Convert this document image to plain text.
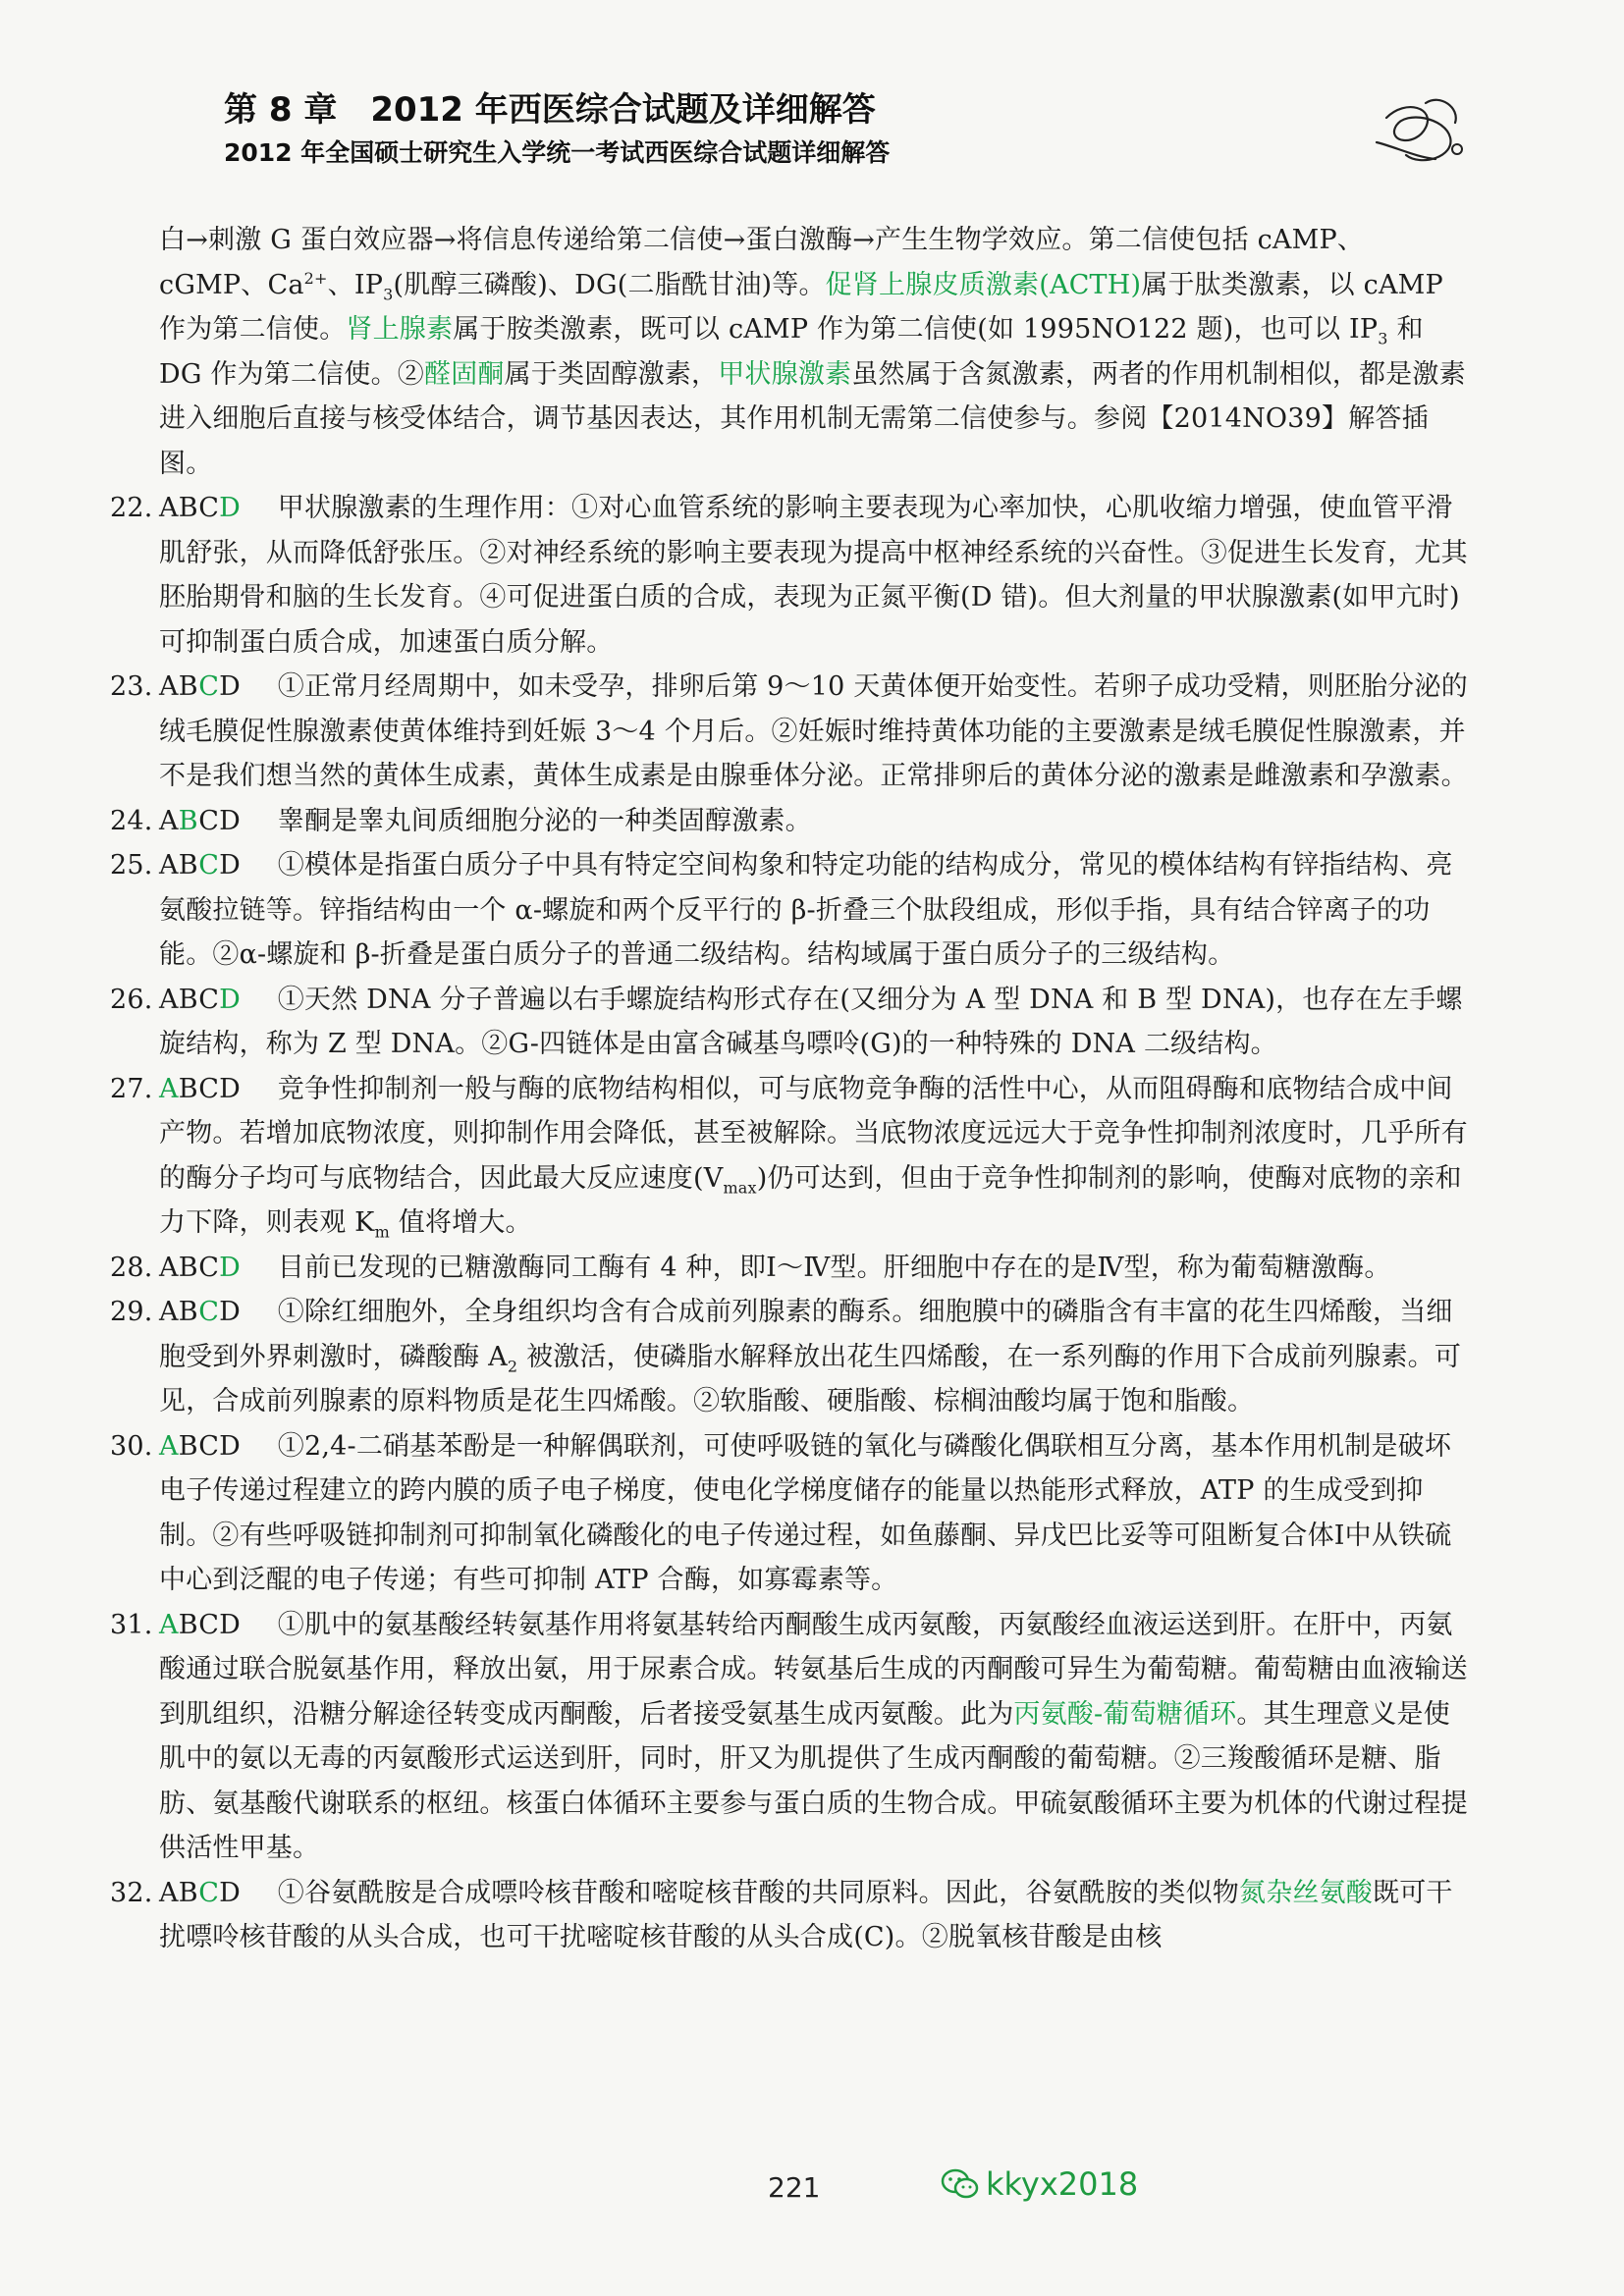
第 8 章　2012 年西医综合试题及详细解答
2012 年全国硕士研究生入学统一考试西医综合试题详细解答

白→刺激 G 蛋白效应器→将信息传递给第二信使→蛋白激酶→产生生物学效应。第二信使包括 cAMP、cGMP、$Ca^{2+}$、$IP_3$(肌醇三磷酸)、DG(二脂酰甘油)等。促肾上腺皮质激素(ACTH)属于肽类激素，以 cAMP 作为第二信使。肾上腺素属于胺类激素，既可以 cAMP 作为第二信使(如 1995NO122 题)，也可以 $IP_3$ 和 DG 作为第二信使。②醛固酮属于类固醇激素，甲状腺激素虽然属于含氮激素，两者的作用机制相似，都是激素进入细胞后直接与核受体结合，调节基因表达，其作用机制无需第二信使参与。参阅【2014NO39】解答插图。

22. ABCD 甲状腺激素的生理作用：①对心血管系统的影响主要表现为心率加快，心肌收缩力增强，使血管平滑肌舒张，从而降低舒张压。②对神经系统的影响主要表现为提高中枢神经系统的兴奋性。③促进生长发育，尤其胚胎期骨和脑的生长发育。④可促进蛋白质的合成，表现为正氮平衡(D 错)。但大剂量的甲状腺激素(如甲亢时)可抑制蛋白质合成，加速蛋白质分解。

23. ABCD ①正常月经周期中，如未受孕，排卵后第 9～10 天黄体便开始变性。若卵子成功受精，则胚胎分泌的绒毛膜促性腺激素使黄体维持到妊娠 3～4 个月后。②妊娠时维持黄体功能的主要激素是绒毛膜促性腺激素，并不是我们想当然的黄体生成素，黄体生成素是由腺垂体分泌。正常排卵后的黄体分泌的激素是雌激素和孕激素。

24. ABCD 睾酮是睾丸间质细胞分泌的一种类固醇激素。

25. ABCD ①模体是指蛋白质分子中具有特定空间构象和特定功能的结构成分，常见的模体结构有锌指结构、亮氨酸拉链等。锌指结构由一个 α-螺旋和两个反平行的 β-折叠三个肽段组成，形似手指，具有结合锌离子的功能。②α-螺旋和 β-折叠是蛋白质分子的普通二级结构。结构域属于蛋白质分子的三级结构。

26. ABCD ①天然 DNA 分子普遍以右手螺旋结构形式存在(又细分为 A 型 DNA 和 B 型 DNA)，也存在左手螺旋结构，称为 Z 型 DNA。②G-四链体是由富含碱基鸟嘌呤(G)的一种特殊的 DNA 二级结构。

27. ABCD 竞争性抑制剂一般与酶的底物结构相似，可与底物竞争酶的活性中心，从而阻碍酶和底物结合成中间产物。若增加底物浓度，则抑制作用会降低，甚至被解除。当底物浓度远远大于竞争性抑制剂浓度时，几乎所有的酶分子均可与底物结合，因此最大反应速度$(V_{max})$仍可达到，但由于竞争性抑制剂的影响，使酶对底物的亲和力下降，则表观 $K_m$ 值将增大。

28. ABCD 目前已发现的已糖激酶同工酶有 4 种，即Ⅰ～Ⅳ型。肝细胞中存在的是Ⅳ型，称为葡萄糖激酶。

29. ABCD ①除红细胞外，全身组织均含有合成前列腺素的酶系。细胞膜中的磷脂含有丰富的花生四烯酸，当细胞受到外界刺激时，磷酸酶 $A_2$ 被激活，使磷脂水解释放出花生四烯酸，在一系列酶的作用下合成前列腺素。可见，合成前列腺素的原料物质是花生四烯酸。②软脂酸、硬脂酸、棕榈油酸均属于饱和脂酸。

30. ABCD ①2,4-二硝基苯酚是一种解偶联剂，可使呼吸链的氧化与磷酸化偶联相互分离，基本作用机制是破坏电子传递过程建立的跨内膜的质子电子梯度，使电化学梯度储存的能量以热能形式释放，ATP 的生成受到抑制。②有些呼吸链抑制剂可抑制氧化磷酸化的电子传递过程，如鱼藤酮、异戊巴比妥等可阻断复合体Ⅰ中从铁硫中心到泛醌的电子传递；有些可抑制 ATP 合酶，如寡霉素等。

31. ABCD ①肌中的氨基酸经转氨基作用将氨基转给丙酮酸生成丙氨酸，丙氨酸经血液运送到肝。在肝中，丙氨酸通过联合脱氨基作用，释放出氨，用于尿素合成。转氨基后生成的丙酮酸可异生为葡萄糖。葡萄糖由血液输送到肌组织，沿糖分解途径转变成丙酮酸，后者接受氨基生成丙氨酸。此为丙氨酸-葡萄糖循环。其生理意义是使肌中的氨以无毒的丙氨酸形式运送到肝，同时，肝又为肌提供了生成丙酮酸的葡萄糖。②三羧酸循环是糖、脂肪、氨基酸代谢联系的枢纽。核蛋白体循环主要参与蛋白质的生物合成。甲硫氨酸循环主要为机体的代谢过程提供活性甲基。

32. ABCD ①谷氨酰胺是合成嘌呤核苷酸和嘧啶核苷酸的共同原料。因此，谷氨酰胺的类似物氮杂丝氨酸既可干扰嘌呤核苷酸的从头合成，也可干扰嘧啶核苷酸的从头合成(C)。②脱氧核苷酸是由核

221	kkyx2018
